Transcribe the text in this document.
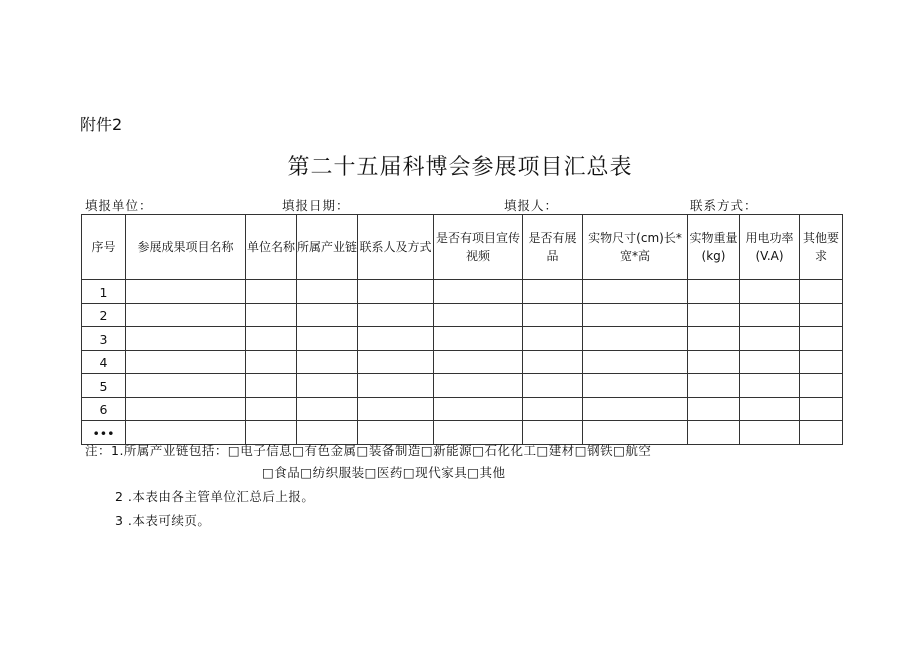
附件2
第二十五届科博会参展项目汇总表
填报单位：	填报日期：	填报人：	联系方式：
序号	参展成果项目名称	单位名称	所属产业链	联系人及方式	是否有项目宣传视频	是否有展品	实物尺寸(cm)长*宽*高	实物重量(kg)	用电功率(V.A)	其他要求
1										
2										
3										
4										
5										
6										
•••										
注：1.所属产业链包括：□电子信息□有色金属□装备制造□新能源□石化化工□建材□钢铁□航空
□食品□纺织服装□医药□现代家具□其他
2 .本表由各主管单位汇总后上报。
3 .本表可续页。
